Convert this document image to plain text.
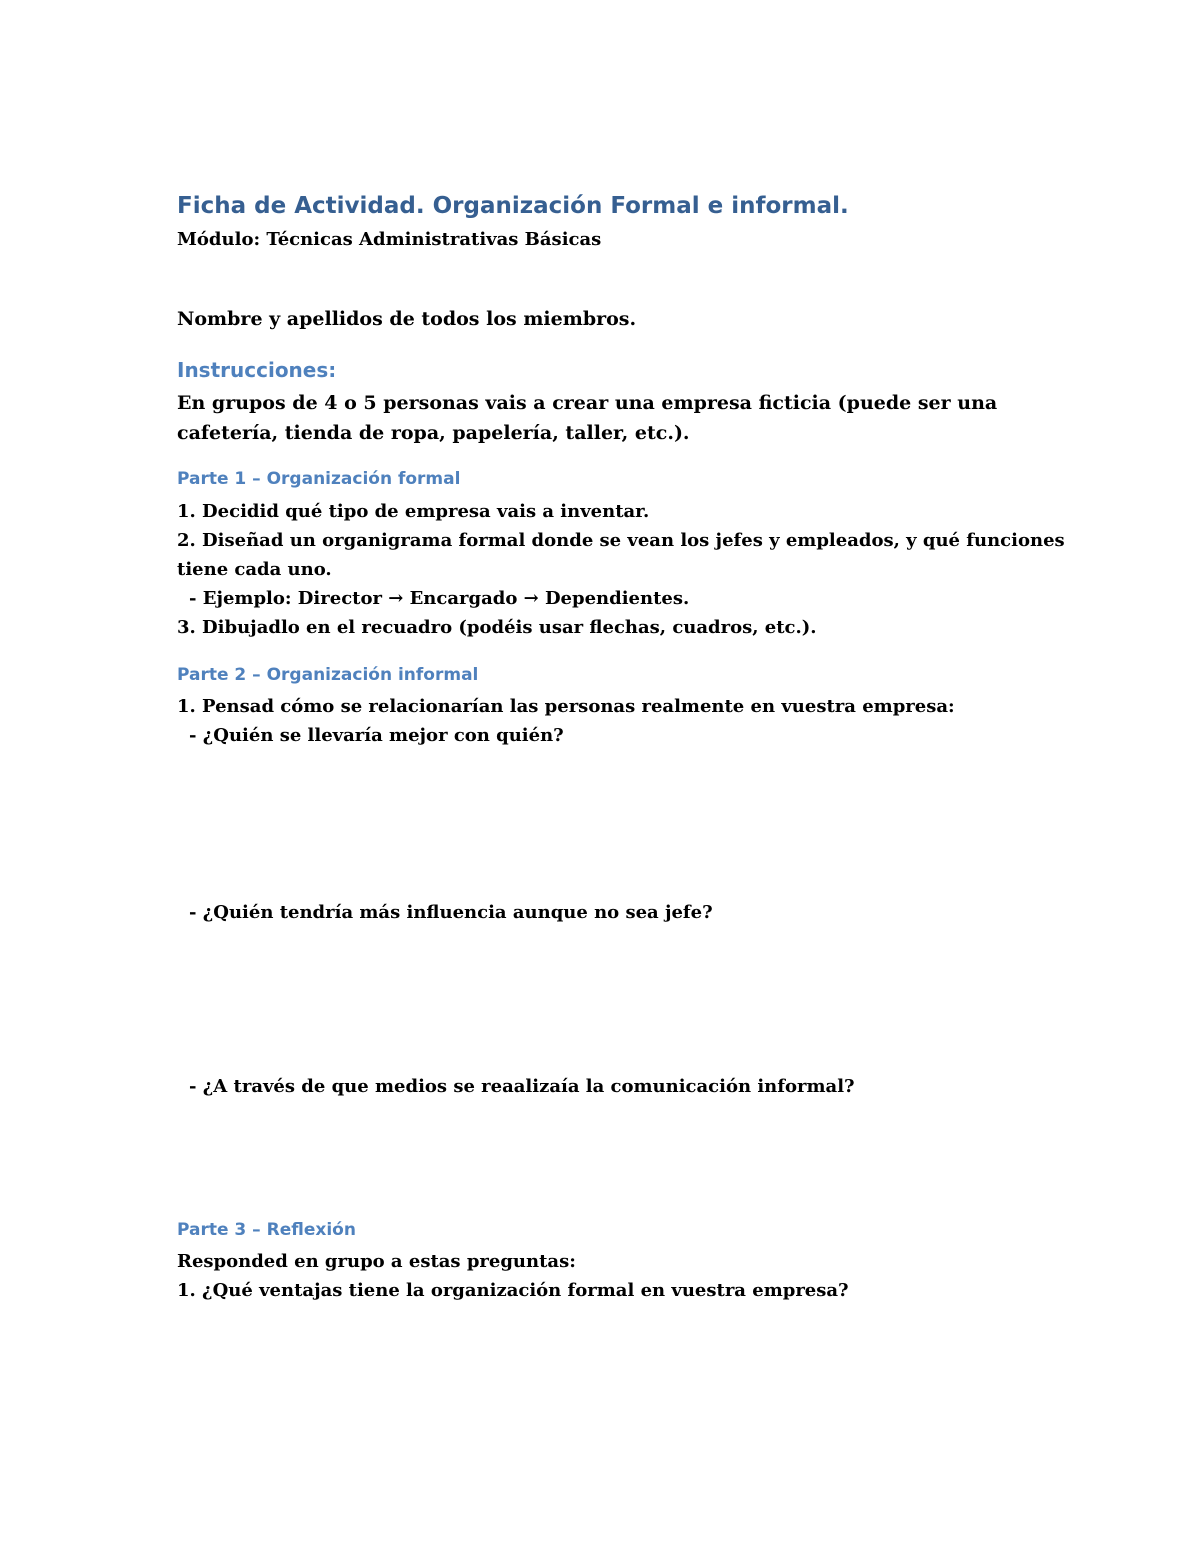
Ficha de Actividad. Organización Formal e informal.
Módulo: Técnicas Administrativas Básicas
Nombre y apellidos de todos los miembros.
Instrucciones:
En grupos de 4 o 5 personas vais a crear una empresa ficticia (puede ser una
cafetería, tienda de ropa, papelería, taller, etc.).
Parte 1 – Organización formal
1. Decidid qué tipo de empresa vais a inventar.
2. Diseñad un organigrama formal donde se vean los jefes y empleados, y qué funciones
tiene cada uno.
- Ejemplo: Director → Encargado → Dependientes.
3. Dibujadlo en el recuadro (podéis usar flechas, cuadros, etc.).
Parte 2 – Organización informal
1. Pensad cómo se relacionarían las personas realmente en vuestra empresa:
- ¿Quién se llevaría mejor con quién?
- ¿Quién tendría más influencia aunque no sea jefe?
- ¿A través de que medios se reaalizaía la comunicación informal?
Parte 3 – Reflexión
Responded en grupo a estas preguntas:
1. ¿Qué ventajas tiene la organización formal en vuestra empresa?
